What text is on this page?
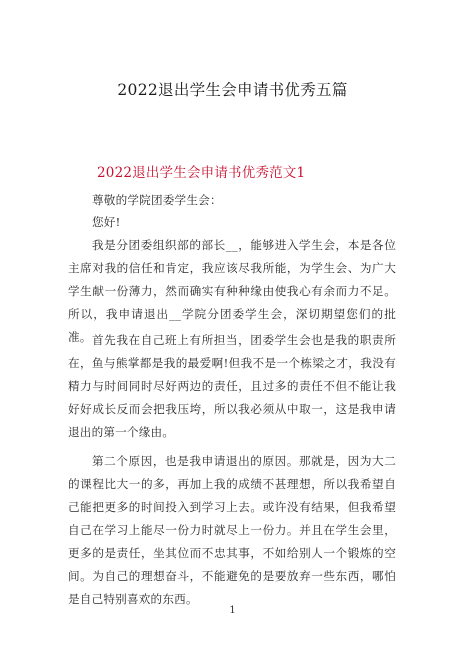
2022退出学生会申请书优秀五篇
2022退出学生会申请书优秀范文1

尊敬的学院团委学生会：

您好!

我是分团委组织部的部长__，能够进入学生会，本是各位主席对我的信任和肯定，我应该尽我所能，为学生会、为广大学生献一份薄力，然而确实有种种缘由使我心有余而力不足。所以，我申请退出__学院分团委学生会，深切期望您们的批准。 首先我在自己班上有所担当，团委学生会也是我的职责所在，鱼与熊掌都是我的最爱啊!但我不是一个栋梁之才，我没有精力与时间同时尽好两边的责任，且过多的责任不但不能让我好好成长反而会把我压垮，所以我必须从中取一，这是我申请退出的第一个缘由。

第二个原因，也是我申请退出的原因。那就是，因为大二的课程比大一的多，再加上我的成绩不甚理想，所以我希望自己能把更多的时间投入到学习上去。或许没有结果，但我希望自己在学习上能尽一份力时就尽上一份力。并且在学生会里，更多的是责任，坐其位而不忠其事，不如给别人一个锻炼的空间。为自己的理想奋斗，不能避免的是要放弃一些东西，哪怕是自己特别喜欢的东西。

1
